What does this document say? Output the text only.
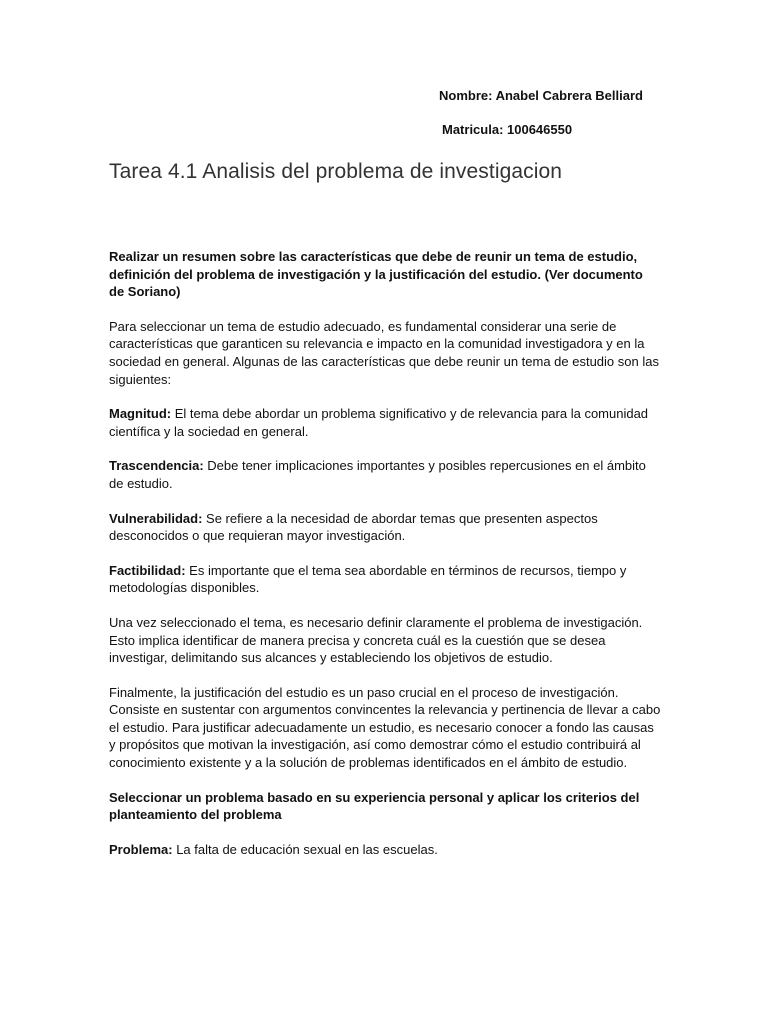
Nombre: Anabel Cabrera Belliard
Matricula: 100646550
Tarea 4.1 Analisis del problema de investigacion

Realizar un resumen sobre las características que debe de reunir un tema de estudio, definición del problema de investigación y la justificación del estudio. (Ver documento de Soriano)

Para seleccionar un tema de estudio adecuado, es fundamental considerar una serie de características que garanticen su relevancia e impacto en la comunidad investigadora y en la sociedad en general. Algunas de las características que debe reunir un tema de estudio son las siguientes:

Magnitud: El tema debe abordar un problema significativo y de relevancia para la comunidad científica y la sociedad en general.

Trascendencia: Debe tener implicaciones importantes y posibles repercusiones en el ámbito de estudio.

Vulnerabilidad: Se refiere a la necesidad de abordar temas que presenten aspectos desconocidos o que requieran mayor investigación.

Factibilidad: Es importante que el tema sea abordable en términos de recursos, tiempo y metodologías disponibles.

Una vez seleccionado el tema, es necesario definir claramente el problema de investigación. Esto implica identificar de manera precisa y concreta cuál es la cuestión que se desea investigar, delimitando sus alcances y estableciendo los objetivos de estudio.

Finalmente, la justificación del estudio es un paso crucial en el proceso de investigación. Consiste en sustentar con argumentos convincentes la relevancia y pertinencia de llevar a cabo el estudio. Para justificar adecuadamente un estudio, es necesario conocer a fondo las causas y propósitos que motivan la investigación, así como demostrar cómo el estudio contribuirá al conocimiento existente y a la solución de problemas identificados en el ámbito de estudio.

Seleccionar un problema basado en su experiencia personal y aplicar los criterios del planteamiento del problema

Problema: La falta de educación sexual en las escuelas.
